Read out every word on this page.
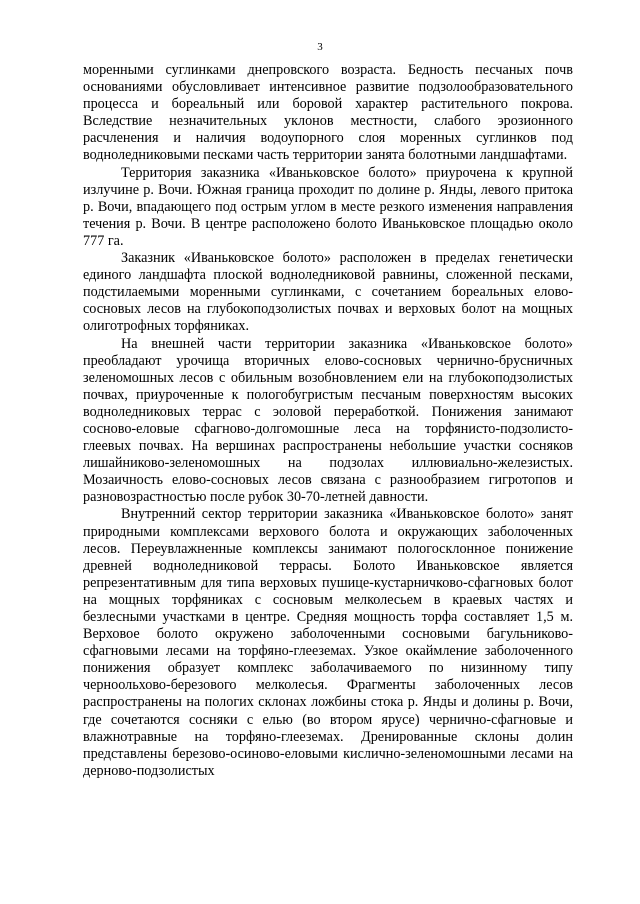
3

моренными суглинками днепровского возраста. Бедность песчаных почв основаниями обусловливает интенсивное развитие подзолообразовательного процесса и бореальный или боровой характер растительного покрова. Вследствие незначительных уклонов местности, слабого эрозионного расчленения и наличия водоупорного слоя моренных суглинков под водноледниковыми песками часть территории занята болотными ландшафтами.

Территория заказника «Иваньковское болото» приурочена к крупной излучине р. Вочи. Южная граница проходит по долине р. Янды, левого притока р. Вочи, впадающего под острым углом в месте резкого изменения направления течения р. Вочи. В центре расположено болото Иваньковское площадью около 777 га.

Заказник «Иваньковское болото» расположен в пределах генетически единого ландшафта плоской водноледниковой равнины, сложенной песками, подстилаемыми моренными суглинками, с сочетанием бореальных елово-сосновых лесов на глубокоподзолистых почвах и верховых болот на мощных олиготрофных торфяниках.

На внешней части территории заказника «Иваньковское болото» преобладают урочища вторичных елово-сосновых чернично-брусничных зеленомошных лесов с обильным возобновлением ели на глубокоподзолистых почвах, приуроченные к пологобугристым песчаным поверхностям высоких водноледниковых террас с эоловой переработкой. Понижения занимают сосново-еловые сфагново-долгомошные леса на торфянисто-подзолисто-глеевых почвах. На вершинах распространены небольшие участки сосняков лишайниково-зеленомошных на подзолах иллювиально-железистых. Мозаичность елово-сосновых лесов связана с разнообразием гигротопов и разновозрастностью после рубок 30-70-летней давности.

Внутренний сектор территории заказника «Иваньковское болото» занят природными комплексами верхового болота и окружающих заболоченных лесов. Переувлажненные комплексы занимают пологосклонное понижение древней водноледниковой террасы. Болото Иваньковское является репрезентативным для типа верховых пушице-кустарничково-сфагновых болот на мощных торфяниках с сосновым мелколесьем в краевых частях и безлесными участками в центре. Средняя мощность торфа составляет 1,5 м. Верховое болото окружено заболоченными сосновыми багульниково-сфагновыми лесами на торфяно-глееземах. Узкое окаймление заболоченного понижения образует комплекс заболачиваемого по низинному типу черноольхово-березового мелколесья. Фрагменты заболоченных лесов распространены на пологих склонах ложбины стока р. Янды и долины р. Вочи, где сочетаются сосняки с елью (во втором ярусе) чернично-сфагновые и влажнотравные на торфяно-глееземах. Дренированные склоны долин представлены березово-осиново-еловыми кислично-зеленомошными лесами на дерново-подзолистых
